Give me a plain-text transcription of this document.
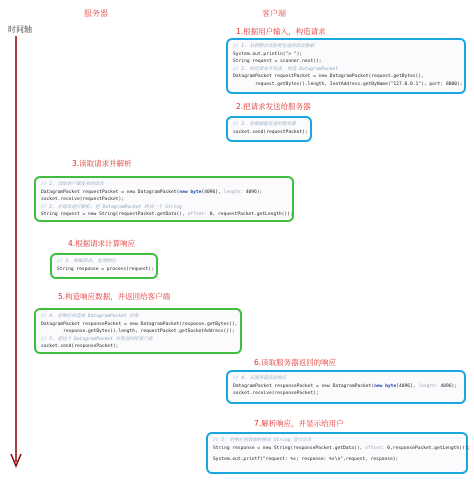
服务器	客户端
时间轴	1.根据用户输入，构造请求
// 1. 从控制台读取要发送的请求数据
System.out.println("> ");
String request = scanner.next();
// 2. 构造请求并发送. 构造 DatagramPacket
DatagramPacket requestPacket = new DatagramPacket(request.getBytes(),
request.getBytes().length, InetAddress.getByName("127.0.0.1"), port: 8000);
2.把请求发送给服务器
// 3. 把数据报发送给服务器
socket.send(requestPacket);
3.读取请求并解析
// 1. 读取客户端发来的请求
DatagramPacket requestPacket = new DatagramPacket(new byte[4096], length: 4096);
socket.receive(requestPacket);
// 2. 对请求进行解析, 把 DatagramPacket 转成一个 String
String request = new String(requestPacket.getData(), offset: 0, requestPacket.getLength());
4.根据请求计算响应
// 3. 根据请求, 处理响应
String response = process(request);
5.构造响应数据，并返回给客户端
// 4. 把响应构造成 DatagramPacket 对象
DatagramPacket responsePacket = new DatagramPacket(response.getBytes(),
response.getBytes().length, requestPacket.getSocketAddress());
// 5. 把这个 DatagramPacket 对象返回给客户端
socket.send(responsePacket);
6.读取服务器返回的响应
// 4. 从服务器读取响应
DatagramPacket responsePacket = new DatagramPacket(new byte[4096], length: 4096);
socket.receive(responsePacket);
7.解析响应，并显示给用户
// 5. 把响应的数据转换成 String 显示出来
String response = new String(responsePacket.getData(), offset: 0,responsePacket.getLength());
System.out.printf("request: %s; response: %s\n",request, response);
